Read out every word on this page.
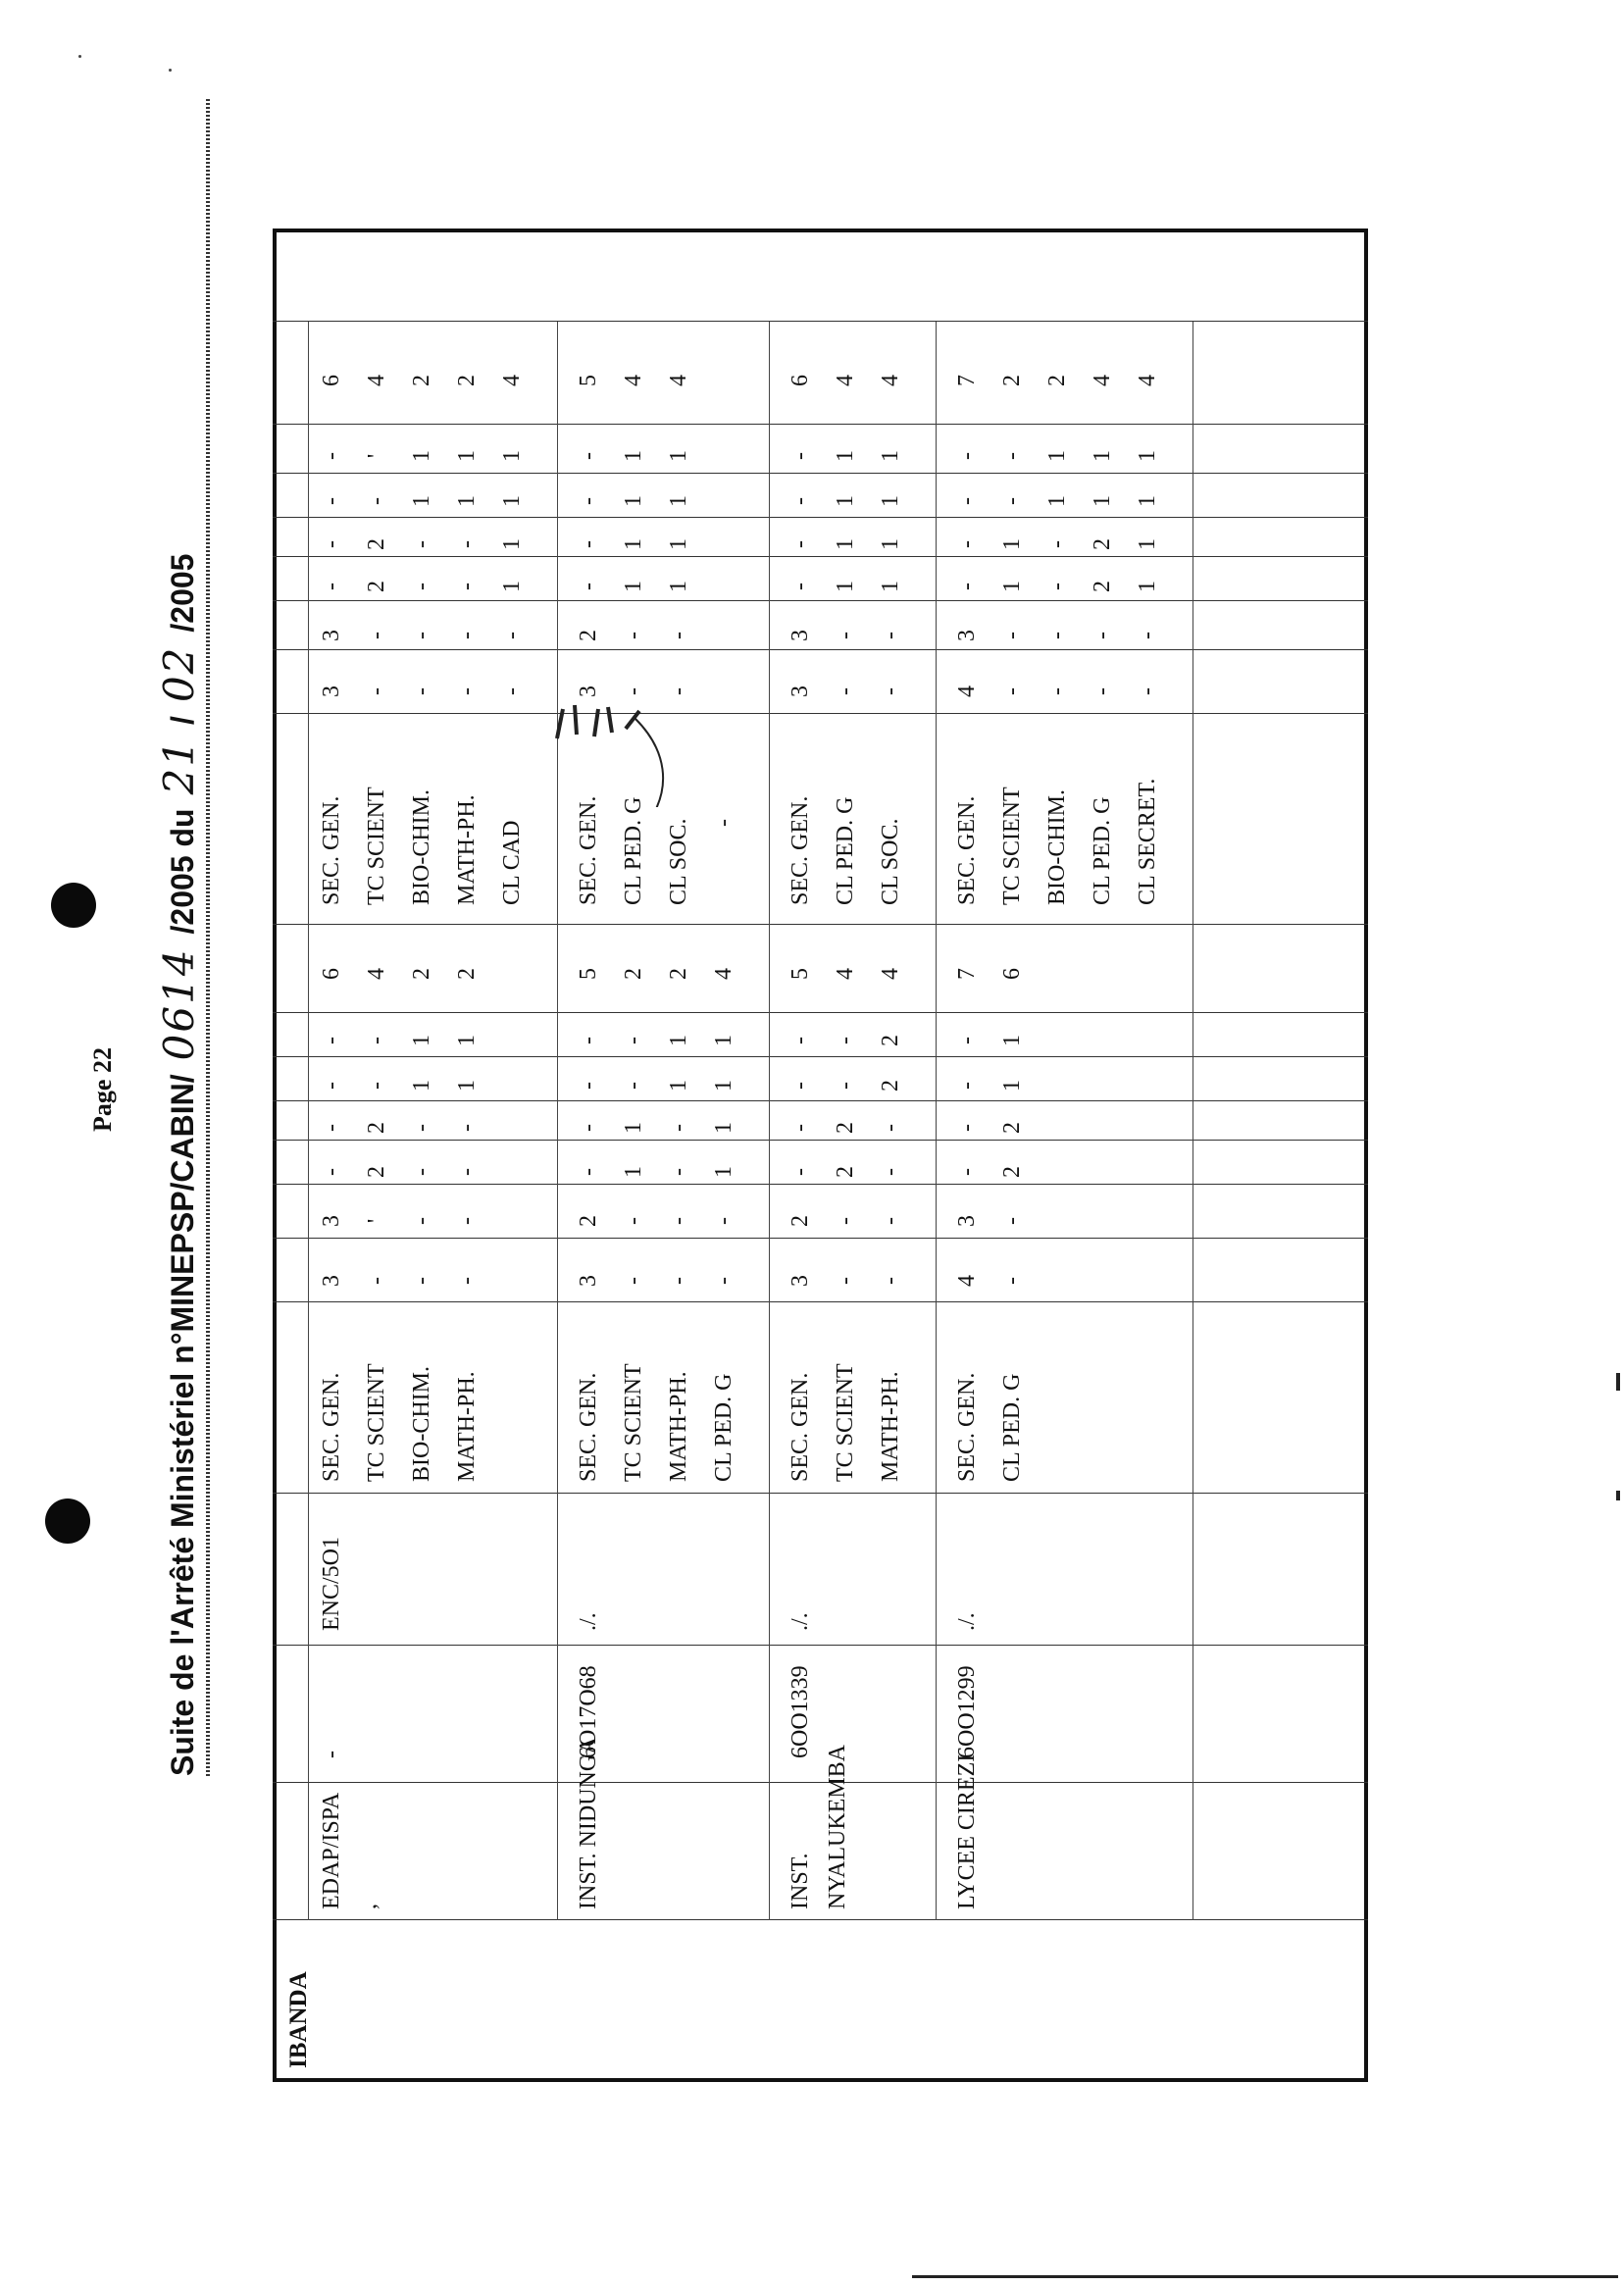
Page 22 Suite de l'Arrêté Ministériel n°MINEPSP/CABIN/
0614
/2005 du
21
/
02
/
2005
IBANDA
EDAP/ISPA ,
-
ENC/5O1
SEC. GEN.
3
3
-
-
-
-
6
TC SCIENT
-
'
2
2
-
-
4
BIO-CHIM.
-
-
-
-
1
1
2
MATH-PH.
-
-
-
-
1
1
2
SEC. GEN.
3
3
-
-
-
-
6
TC SCIENT
-
-
2
2
-
'
4
BIO-CHIM.
-
-
-
-
1
1
2
MATH-PH.
-
-
-
-
1
1
2
CL CAD
-
-
1
1
1
1
4
INST. NIDUNGA
6O17O68
./.
SEC. GEN.
3
2
-
-
-
-
5
TC SCIENT
-
-
1
1
-
-
2
MATH-PH.
-
-
-
-
1
1
2
CL PED. G
-
-
1
1
1
1
4
SEC. GEN.
3
2
-
-
-
-
5
CL PED. G
-
-
1
1
1
1
4
CL SOC.
-
-
1
1
1
1
4
-
INST. NYALUKEMBA
6OO1339
./.
SEC. GEN.
3
2
-
-
-
-
5
TC SCIENT
-
-
2
2
-
-
4
MATH-PH.
-
-
-
-
2
2
4
SEC. GEN.
3
3
-
-
-
-
6
CL PED. G
-
-
1
1
1
1
4
CL SOC.
-
-
1
1
1
1
4
LYCEE CIREZI
6OO1299
./.
SEC. GEN.
4
3
-
-
-
-
7
CL PED. G
-
-
2
2
1
1
6
SEC. GEN.
4
3
-
-
-
-
7
TC SCIENT
-
-
1
1
-
-
2
BIO-CHIM.
-
-
-
-
1
1
2
CL PED. G
-
-
2
2
1
1
4
CL SECRET.
-
-
1
1
1
1
4
